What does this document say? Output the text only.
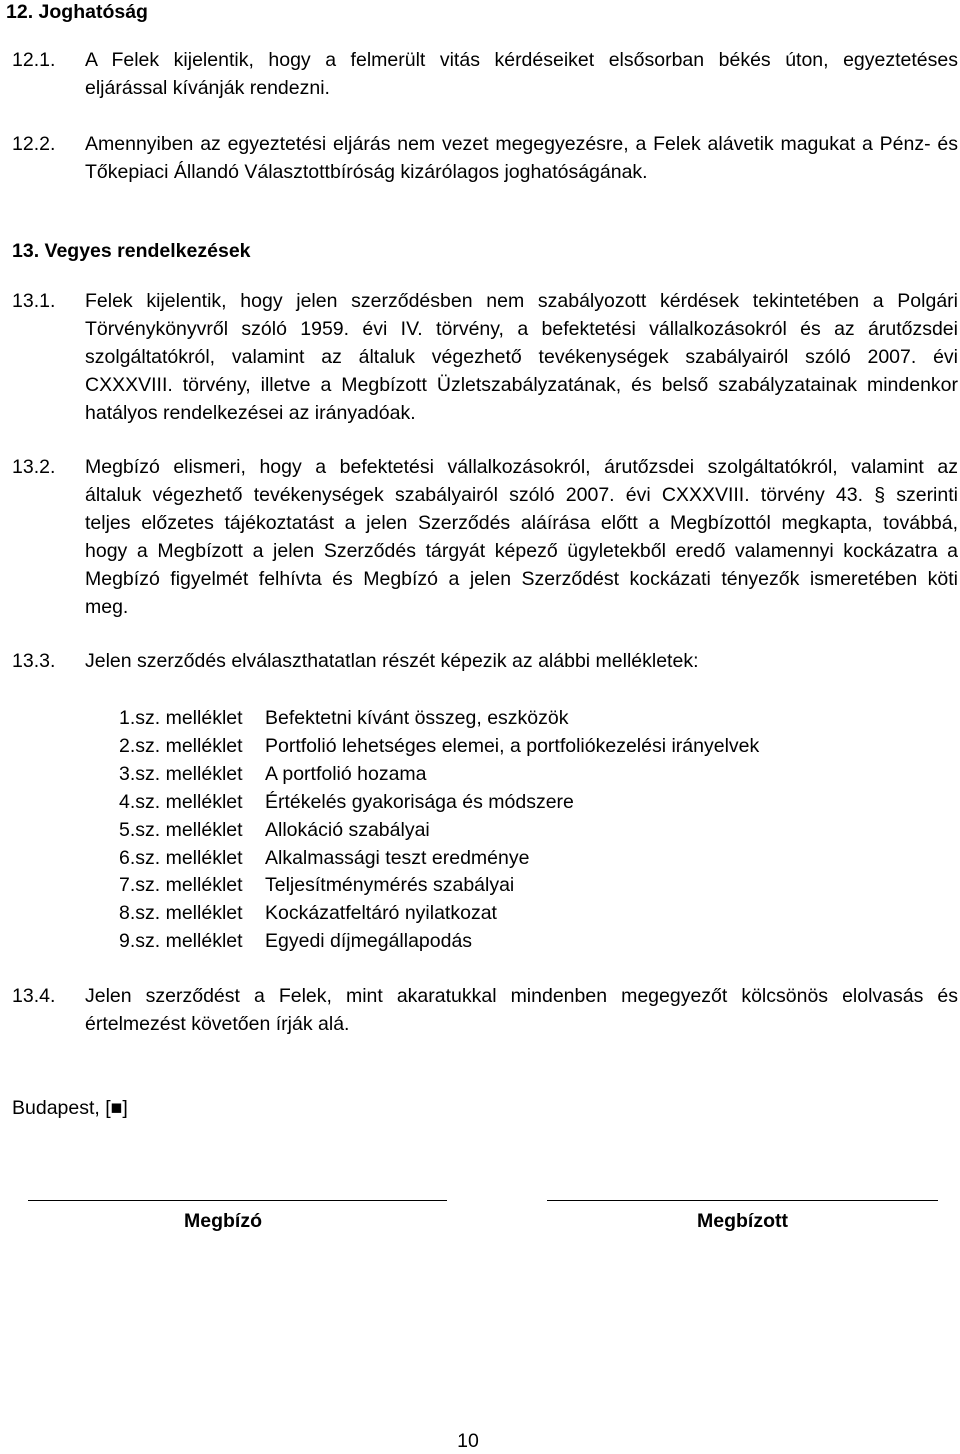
12. Joghatóság
12.1. A Felek kijelentik, hogy a felmerült vitás kérdéseiket elsősorban békés úton, egyeztetéses

eljárással kívánják rendezni.

12.2. Amennyiben az egyeztetési eljárás nem vezet megegyezésre, a Felek alávetik magukat a Pénz- és

Tőkepiaci Állandó Választottbíróság kizárólagos joghatóságának.

13. Vegyes rendelkezések
13.1. Felek kijelentik, hogy jelen szerződésben nem szabályozott kérdések tekintetében a Polgári

Törvénykönyvről szóló 1959. évi IV. törvény, a befektetési vállalkozásokról és az árutőzsdei

szolgáltatókról, valamint az általuk végezhető tevékenységek szabályairól szóló 2007. évi

CXXXVIII. törvény, illetve a Megbízott Üzletszabályzatának, és belső szabályzatainak mindenkor

hatályos rendelkezései az irányadóak.

13.2. Megbízó elismeri, hogy a befektetési vállalkozásokról, árutőzsdei szolgáltatókról, valamint az

általuk végezhető tevékenységek szabályairól szóló 2007. évi CXXXVIII. törvény 43. § szerinti

teljes előzetes tájékoztatást a jelen Szerződés aláírása előtt a Megbízottól megkapta, továbbá,

hogy a Megbízott a jelen Szerződés tárgyát képező ügyletekből eredő valamennyi kockázatra a

Megbízó figyelmét felhívta és Megbízó a jelen Szerződést kockázati tényezők ismeretében köti

meg.

13.3. Jelen szerződés elválaszthatatlan részét képezik az alábbi mellékletek:
1.sz. melléklet Befektetni kívánt összeg, eszközök
2.sz. melléklet Portfolió lehetséges elemei, a portfoliókezelési irányelvek
3.sz. melléklet A portfolió hozama
4.sz. melléklet Értékelés gyakorisága és módszere
5.sz. melléklet Allokáció szabályai
6.sz. melléklet Alkalmassági teszt eredménye
7.sz. melléklet Teljesítménymérés szabályai
8.sz. melléklet Kockázatfeltáró nyilatkozat
9.sz. melléklet Egyedi díjmegállapodás
13.4. Jelen szerződést a Felek, mint akaratukkal mindenben megegyezőt kölcsönös elolvasás és

értelmezést követően írják alá.

Budapest, [■]
Megbízó	Megbízott
10
